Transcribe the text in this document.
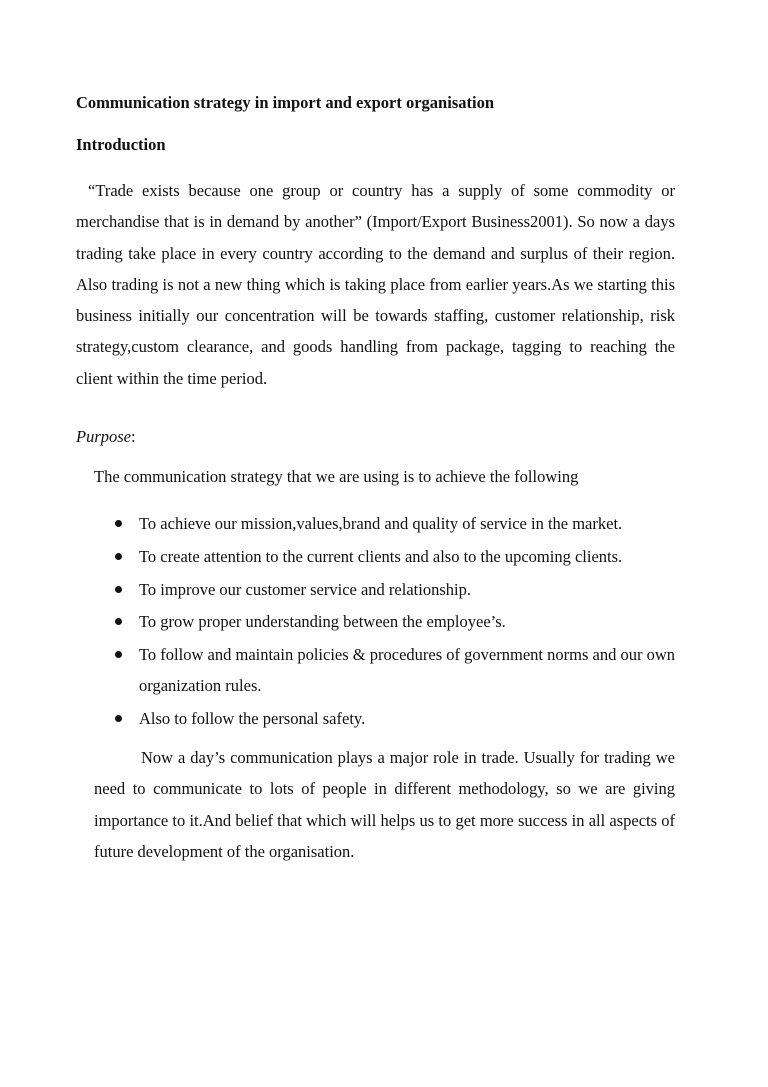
Communication strategy in import and export organisation
Introduction

“Trade exists because one group or country has a supply of some commodity or merchandise that is in demand by another” (Import/Export Business2001). So now a days trading take place in every country according to the demand and surplus of their region. Also trading is not a new thing which is taking place from earlier years.As we starting this business initially our concentration will be towards staffing, customer relationship, risk strategy,custom clearance, and goods handling from package, tagging to reaching the client within the time period.

Purpose:
The communication strategy that we are using is to achieve the following
To achieve our mission,values,brand and quality of service in the market.
To create attention to the current clients and also to the upcoming clients.
To improve our customer service and relationship.
To grow proper understanding between the employee’s.
To follow and maintain policies & procedures of government norms and our own organization rules.
Also to follow the personal safety.

Now a day’s communication plays a major role in trade. Usually for trading we need to communicate to lots of people in different methodology, so we are giving importance to it.And belief that which will helps us to get more success in all aspects of future development of the organisation.
